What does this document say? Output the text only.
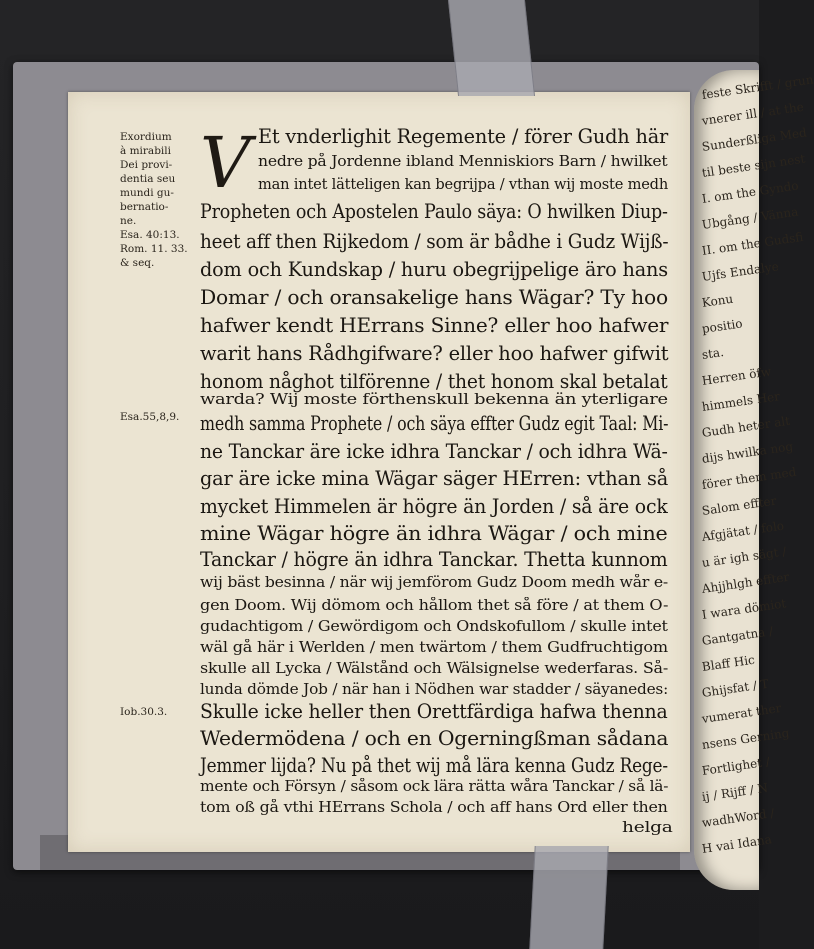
feste Skrifft / grun
vnerer ill / at the
Sunderßliga Med
til beste sijn nest
I. om the Gyndo
Ubgång / Vänna
II. om the Gudsfi
Ujfs Endalye
Konu
positio
sta.
Herren öfw
himmels Her
Gudh heter alt
dijs hwilka nog
förer them med
Salom effter
Afgjätat / folo
u är igh sägt /
Ahjjhlgh effter
I wara dömiot
Gantgatna /
Blaff Hic
Ghijsfat / T
vumerat ther
nsens Gerning
Fortlighet /
ij / Rijff / N
wadhWord /
H vai Idana
Exordium
à mirabili
Dei provi-
dentia seu
mundi gu-
bernatio-
ne.
Esa. 40:13.
Rom. 11. 33.
& seq.
Esa.55,8,9.
Iob.30.3.
V Et vnderlighit Regemente / förer Gudh här
nedre på Jordenne ibland Menniskiors Barn / hwilket
man intet lätteligen kan begrijpa / vthan wij moste medh
Propheten och Apostelen Paulo säya: O hwilken Diup-
heet aff then Rijkedom / som är bådhe i Gudz Wijß-
dom och Kundskap / huru obegrijpelige äro hans
Domar / och oransakelige hans Wägar? Ty hoo
hafwer kendt HErrans Sinne? eller hoo hafwer
warit hans Rådhgifware? eller hoo hafwer gifwit
honom någhot tilförenne / thet honom skal betalat
warda? Wij moste förthenskull bekenna än yterligare
medh samma Prophete / och säya effter Gudz egit Taal: Mi-
ne Tanckar äre icke idhra Tanckar / och idhra Wä-
gar äre icke mina Wägar säger HErren: vthan så
mycket Himmelen är högre än Jorden / så äre ock
mine Wägar högre än idhra Wägar / och mine
Tanckar / högre än idhra Tanckar. Thetta kunnom
wij bäst besinna / när wij jemförom Gudz Doom medh wår e-
gen Doom. Wij dömom och hållom thet så före / at them O-
gudachtigom / Gewördigom och Ondskofullom / skulle intet
wäl gå här i Werlden / men twärtom / them Gudfruchtigom
skulle all Lycka / Wälstånd och Wälsignelse wederfaras. Så-
lunda dömde Job / när han i Nödhen war stadder / säyanedes:
Skulle icke heller then Orettfärdiga hafwa thenna
Wedermödena / och en Ogerningßman sådana
Jemmer lijda? Nu på thet wij må lära kenna Gudz Rege-
mente och Försyn / såsom ock lära rätta wåra Tanckar / så lä-
tom oß gå vthi HErrans Schola / och aff hans Ord eller then
helga
